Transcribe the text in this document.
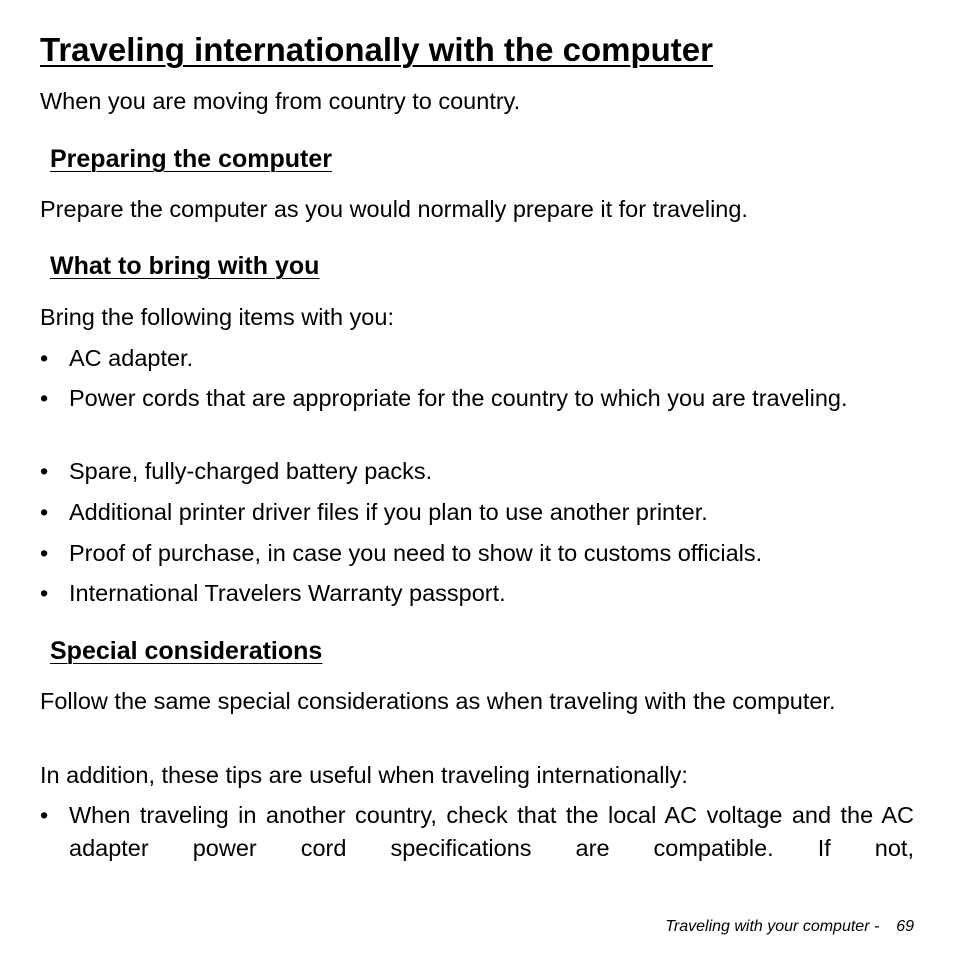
Traveling internationally with the computer

When you are moving from country to country.

Preparing the computer

Prepare the computer as you would normally prepare it for traveling.

What to bring with you

Bring the following items with you:

• AC adapter.

• Power cords that are appropriate for the country to which you are traveling.

• Spare, fully-charged battery packs.

• Additional printer driver files if you plan to use another printer.

• Proof of purchase, in case you need to show it to customs officials.

• International Travelers Warranty passport.

Special considerations

Follow the same special considerations as when traveling with the computer.

In addition, these tips are useful when traveling internationally:

• When traveling in another country, check that the local AC voltage and the AC adapter power cord specifications are compatible. If not,

Traveling with your computer - 69
